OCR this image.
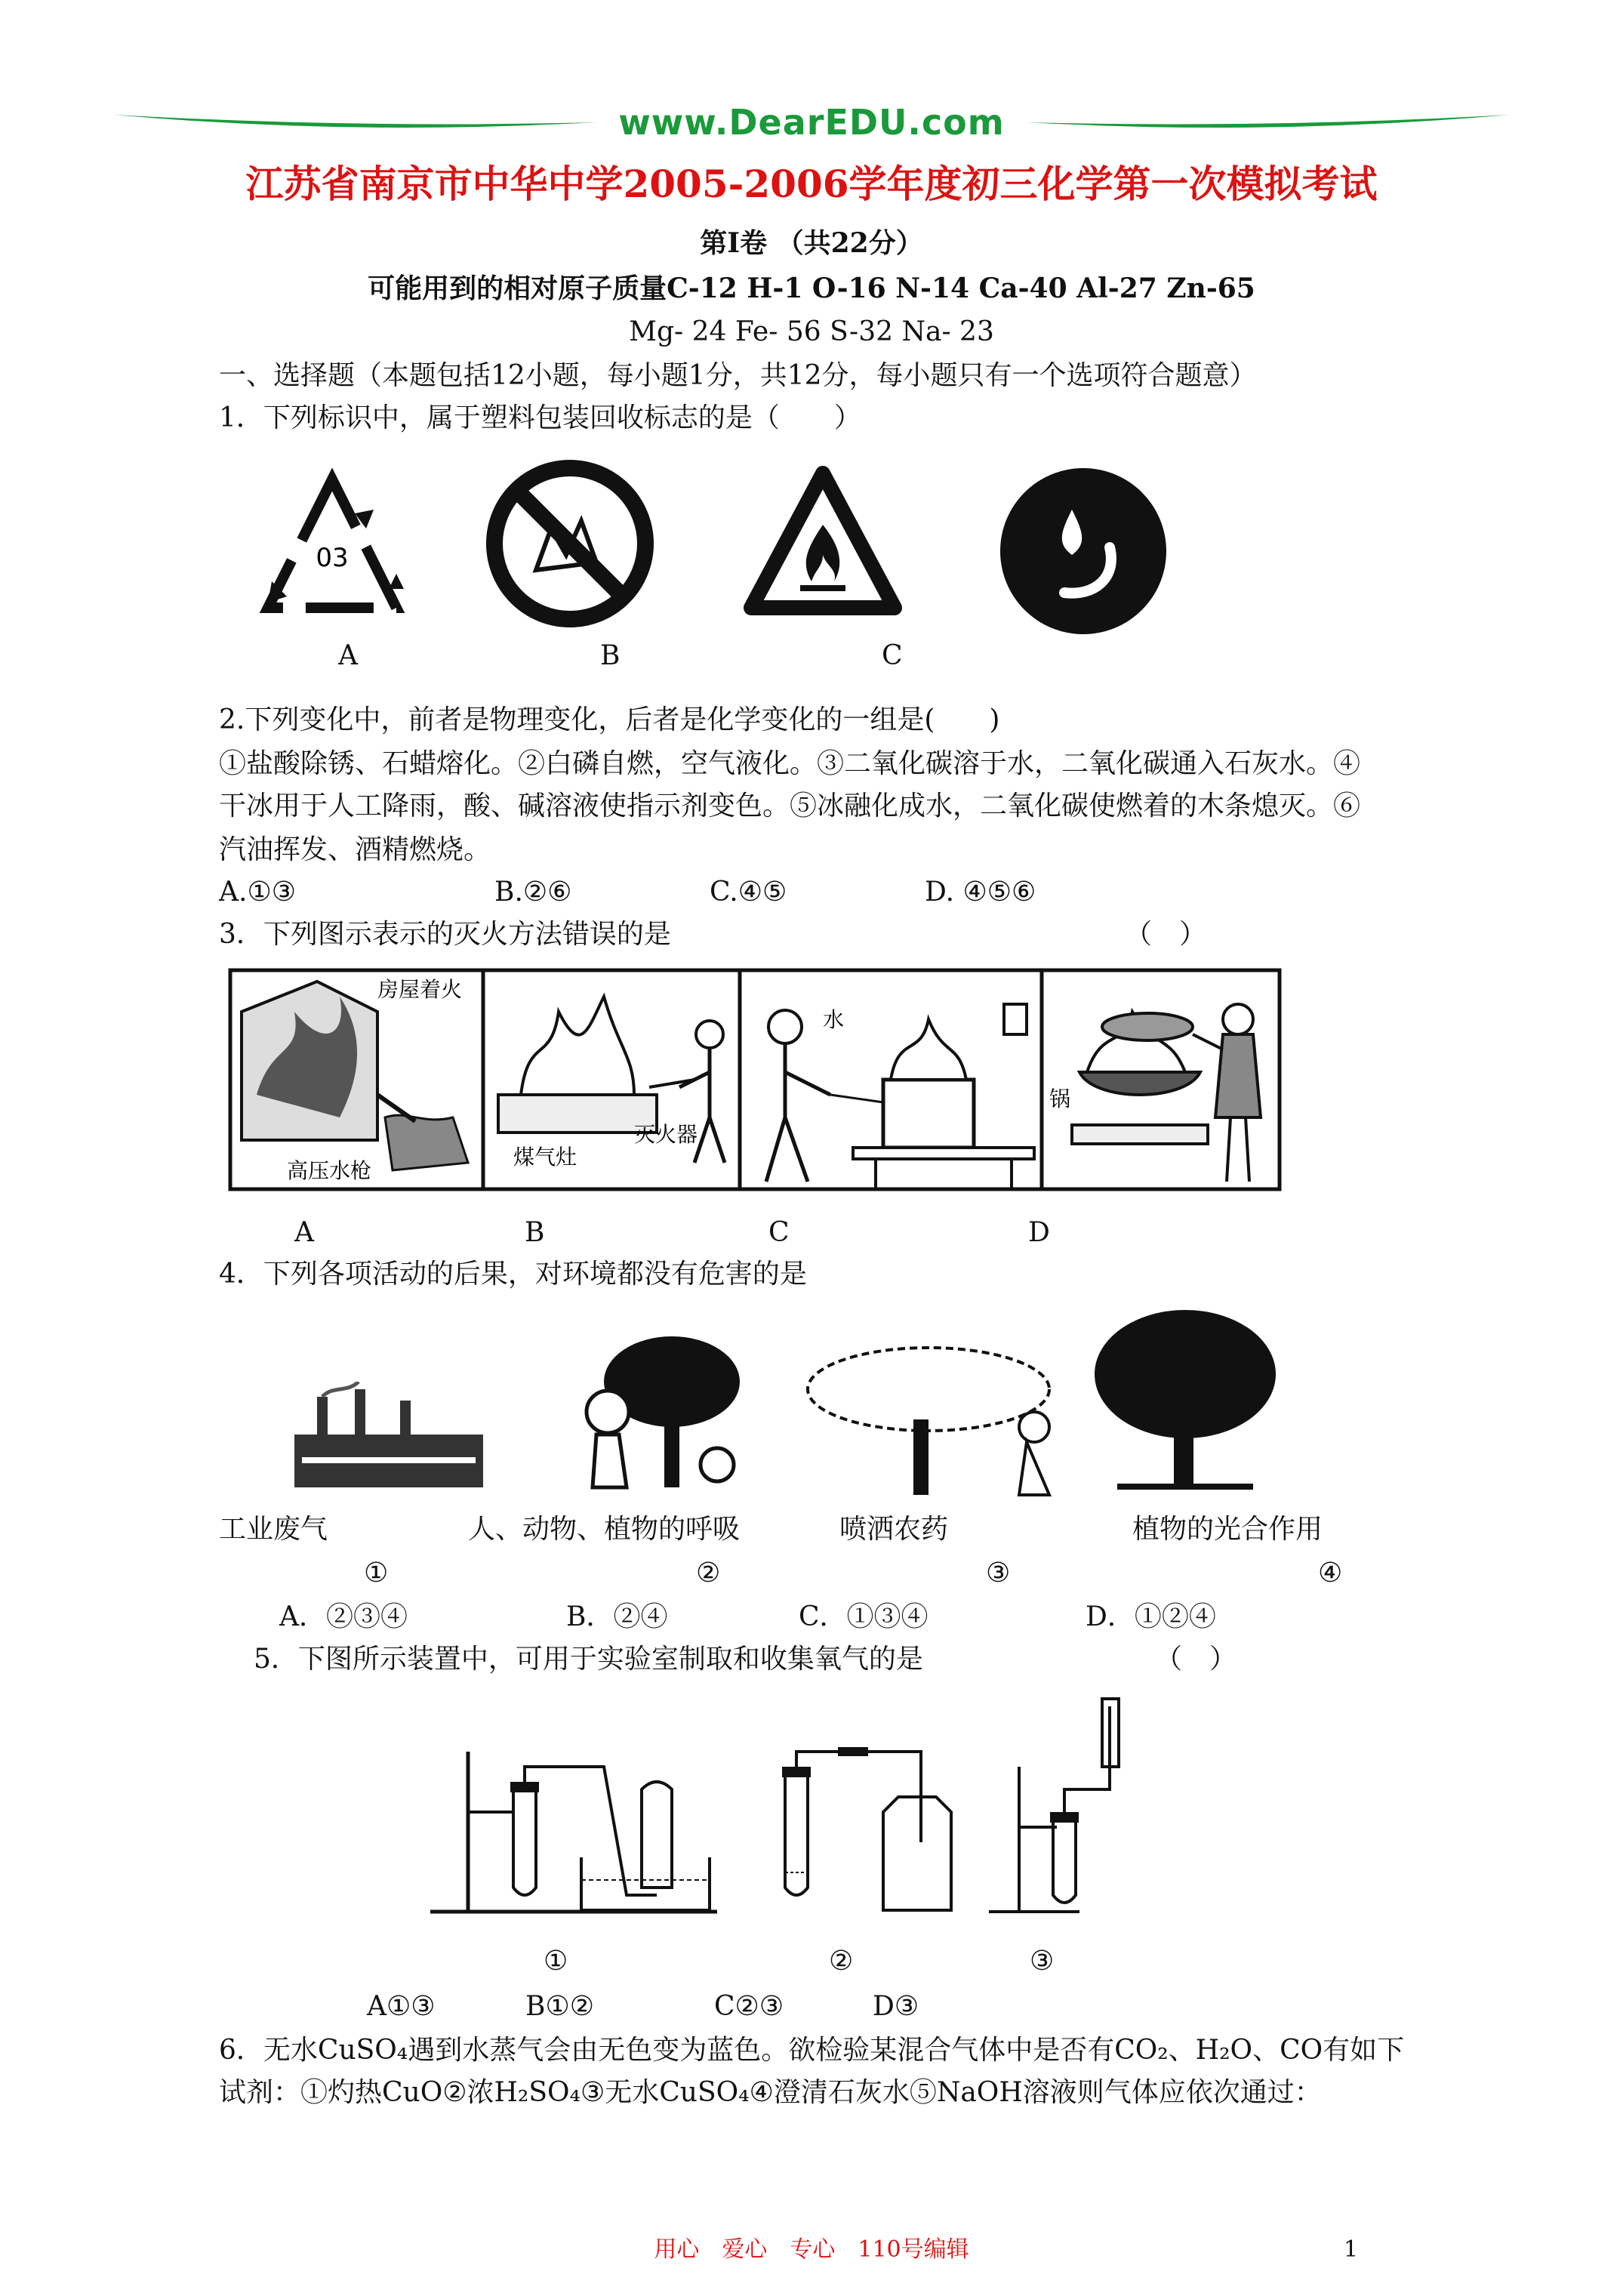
www.DearEDU.com
江苏省南京市中华中学2005-2006学年度初三化学第一次模拟考试
第Ⅰ卷 （共22分）
可能用到的相对原子质量C-12 H-1 O-16 N-14 Ca-40 Al-27 Zn-65
Mg- 24 Fe- 56 S-32 Na- 23
一、选择题（本题包括12小题，每小题1分，共12分，每小题只有一个选项符合题意）
1．下列标识中，属于塑料包装回收标志的是（　　）
03
A	B	C
2.下列变化中，前者是物理变化，后者是化学变化的一组是(　　)
①盐酸除锈、石蜡熔化。②白磷自燃，空气液化。③二氧化碳溶于水，二氧化碳通入石灰水。④
干冰用于人工降雨，酸、碱溶液使指示剂变色。⑤冰融化成水，二氧化碳使燃着的木条熄灭。⑥
汽油挥发、酒精燃烧。
A.①③	B.②⑥	C.④⑤	D. ④⑤⑥
3．下列图示表示的灭火方法错误的是	（　）
房屋着火
高压水枪
煤气灶
灭火器
水
锅
A	B	C	D
4．下列各项活动的后果，对环境都没有危害的是
工业废气	人、动物、植物的呼吸	喷洒农药	植物的光合作用
①	②	③	④
A．②③④	B．②④	C．①③④	D．①②④
5．下图所示装置中，可用于实验室制取和收集氧气的是	（　）
①	②	③
A①③	B①②	C②③	D③
6．无水CuSO₄遇到水蒸气会由无色变为蓝色。欲检验某混合气体中是否有CO₂、H₂O、CO有如下
试剂：①灼热CuO②浓H₂SO₄③无水CuSO₄④澄清石灰水⑤NaOH溶液则气体应依次通过：
用心　爱心　专心　110号编辑	1
